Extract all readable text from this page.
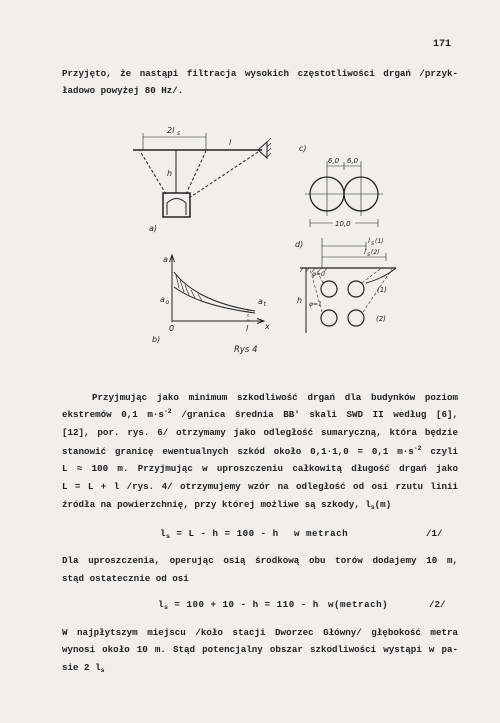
171
Przyjęto, że nastąpi filtracja wysokich częstotliwości drgań /przyk-
ładowo powyżej 80 Hz/.
2l s
l
h
a)
a
a o	a t
0	l x
b)
Rys 4
c)
6,0 6,0
10,0
d)	l s (1)
l s (2)
h
φ=0
φ=1
(1)
(2)
Przyjmując jako minimum szkodliwość drgań dla budynków poziom
ekstremów 0,1 $m\cdot s^{-2}$ /granica średnia BB' skali SWD II według [6],
[12], por. rys. 6/ otrzymamy jako odległość sumaryczną, która będzie
stanowić granicę ewentualnych szkód około 0,1·1,0 = 0,1 $m\cdot s^{-2}$ czyli
L ≈ 100 m. Przyjmując w uproszczeniu całkowitą długość drgań jako
L = L + l /rys. 4/ otrzymujemy wzór na odległość od osi rzutu linii
źródła na powierzchnię, przy której możliwe są szkody, $l_s(m)$
$l_s = L - h = 100 - h$ w metrach	/1/
Dla uproszczenia, operując osią środkową obu torów dodajemy 10 m,
stąd ostatecznie od osi
$l_s = 100 + 10 - h = 110 - h$ w(metrach)	/2/
W najpłytszym miejscu /koło stacji Dworzec Główny/ głębokość metra
wynosi około 10 m. Stąd potencjalny obszar szkodliwości wystąpi w pa-
sie 2 $l_s$
